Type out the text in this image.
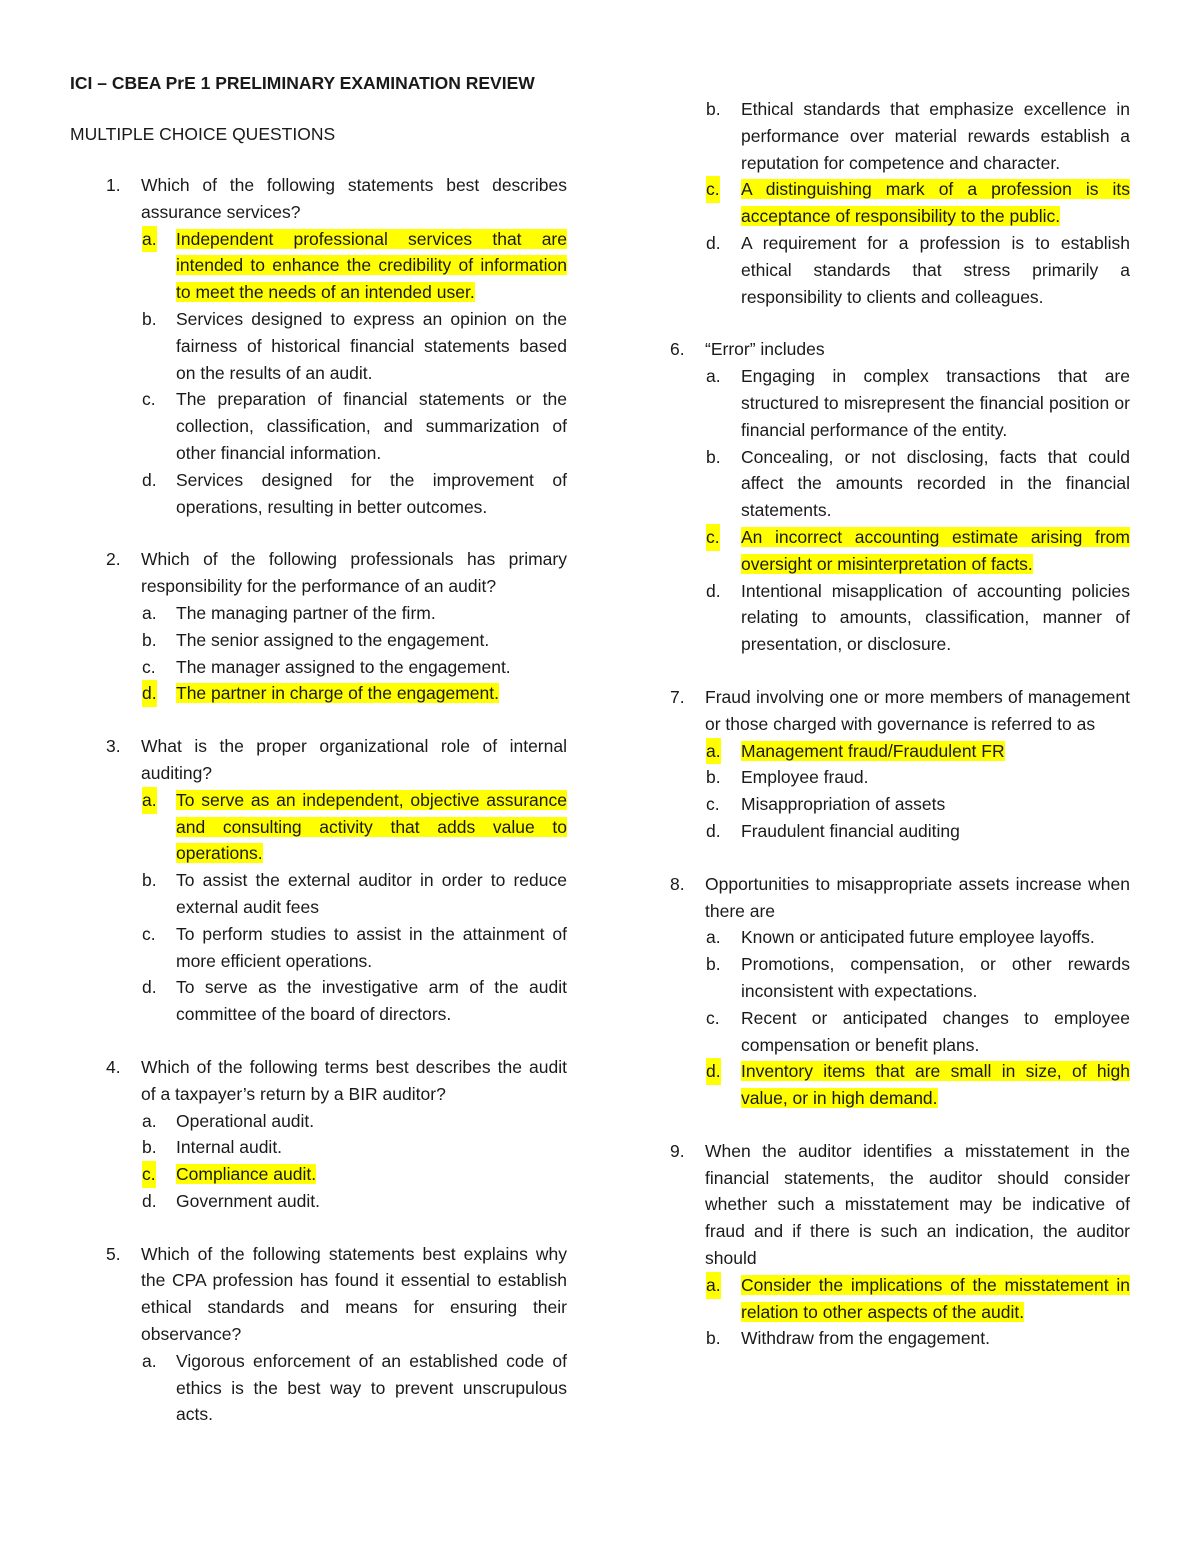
ICI – CBEA PrE 1 PRELIMINARY EXAMINATION REVIEW
MULTIPLE CHOICE QUESTIONS
1. Which of the following statements best describes assurance services?
a. Independent professional services that are intended to enhance the credibility of information to meet the needs of an intended user.
b. Services designed to express an opinion on the fairness of historical financial statements based on the results of an audit.
c. The preparation of financial statements or the collection, classification, and summarization of other financial information.
d. Services designed for the improvement of operations, resulting in better outcomes.
2. Which of the following professionals has primary responsibility for the performance of an audit?
a. The managing partner of the firm.
b. The senior assigned to the engagement.
c. The manager assigned to the engagement.
d. The partner in charge of the engagement.
3. What is the proper organizational role of internal auditing?
a. To serve as an independent, objective assurance and consulting activity that adds value to operations.
b. To assist the external auditor in order to reduce external audit fees
c. To perform studies to assist in the attainment of more efficient operations.
d. To serve as the investigative arm of the audit committee of the board of directors.
4. Which of the following terms best describes the audit of a taxpayer’s return by a BIR auditor?
a. Operational audit.
b. Internal audit.
c. Compliance audit.
d. Government audit.
5. Which of the following statements best explains why the CPA profession has found it essential to establish ethical standards and means for ensuring their observance?
a. Vigorous enforcement of an established code of ethics is the best way to prevent unscrupulous acts.
b. Ethical standards that emphasize excellence in performance over material rewards establish a reputation for competence and character.
c. A distinguishing mark of a profession is its acceptance of responsibility to the public.
d. A requirement for a profession is to establish ethical standards that stress primarily a responsibility to clients and colleagues.
6. “Error” includes
a. Engaging in complex transactions that are structured to misrepresent the financial position or financial performance of the entity.
b. Concealing, or not disclosing, facts that could affect the amounts recorded in the financial statements.
c. An incorrect accounting estimate arising from oversight or misinterpretation of facts.
d. Intentional misapplication of accounting policies relating to amounts, classification, manner of presentation, or disclosure.
7. Fraud involving one or more members of management or those charged with governance is referred to as
a. Management fraud/Fraudulent FR
b. Employee fraud.
c. Misappropriation of assets
d. Fraudulent financial auditing
8. Opportunities to misappropriate assets increase when there are
a. Known or anticipated future employee layoffs.
b. Promotions, compensation, or other rewards inconsistent with expectations.
c. Recent or anticipated changes to employee compensation or benefit plans.
d. Inventory items that are small in size, of high value, or in high demand.
9. When the auditor identifies a misstatement in the financial statements, the auditor should consider whether such a misstatement may be indicative of fraud and if there is such an indication, the auditor should
a. Consider the implications of the misstatement in relation to other aspects of the audit.
b. Withdraw from the engagement.
